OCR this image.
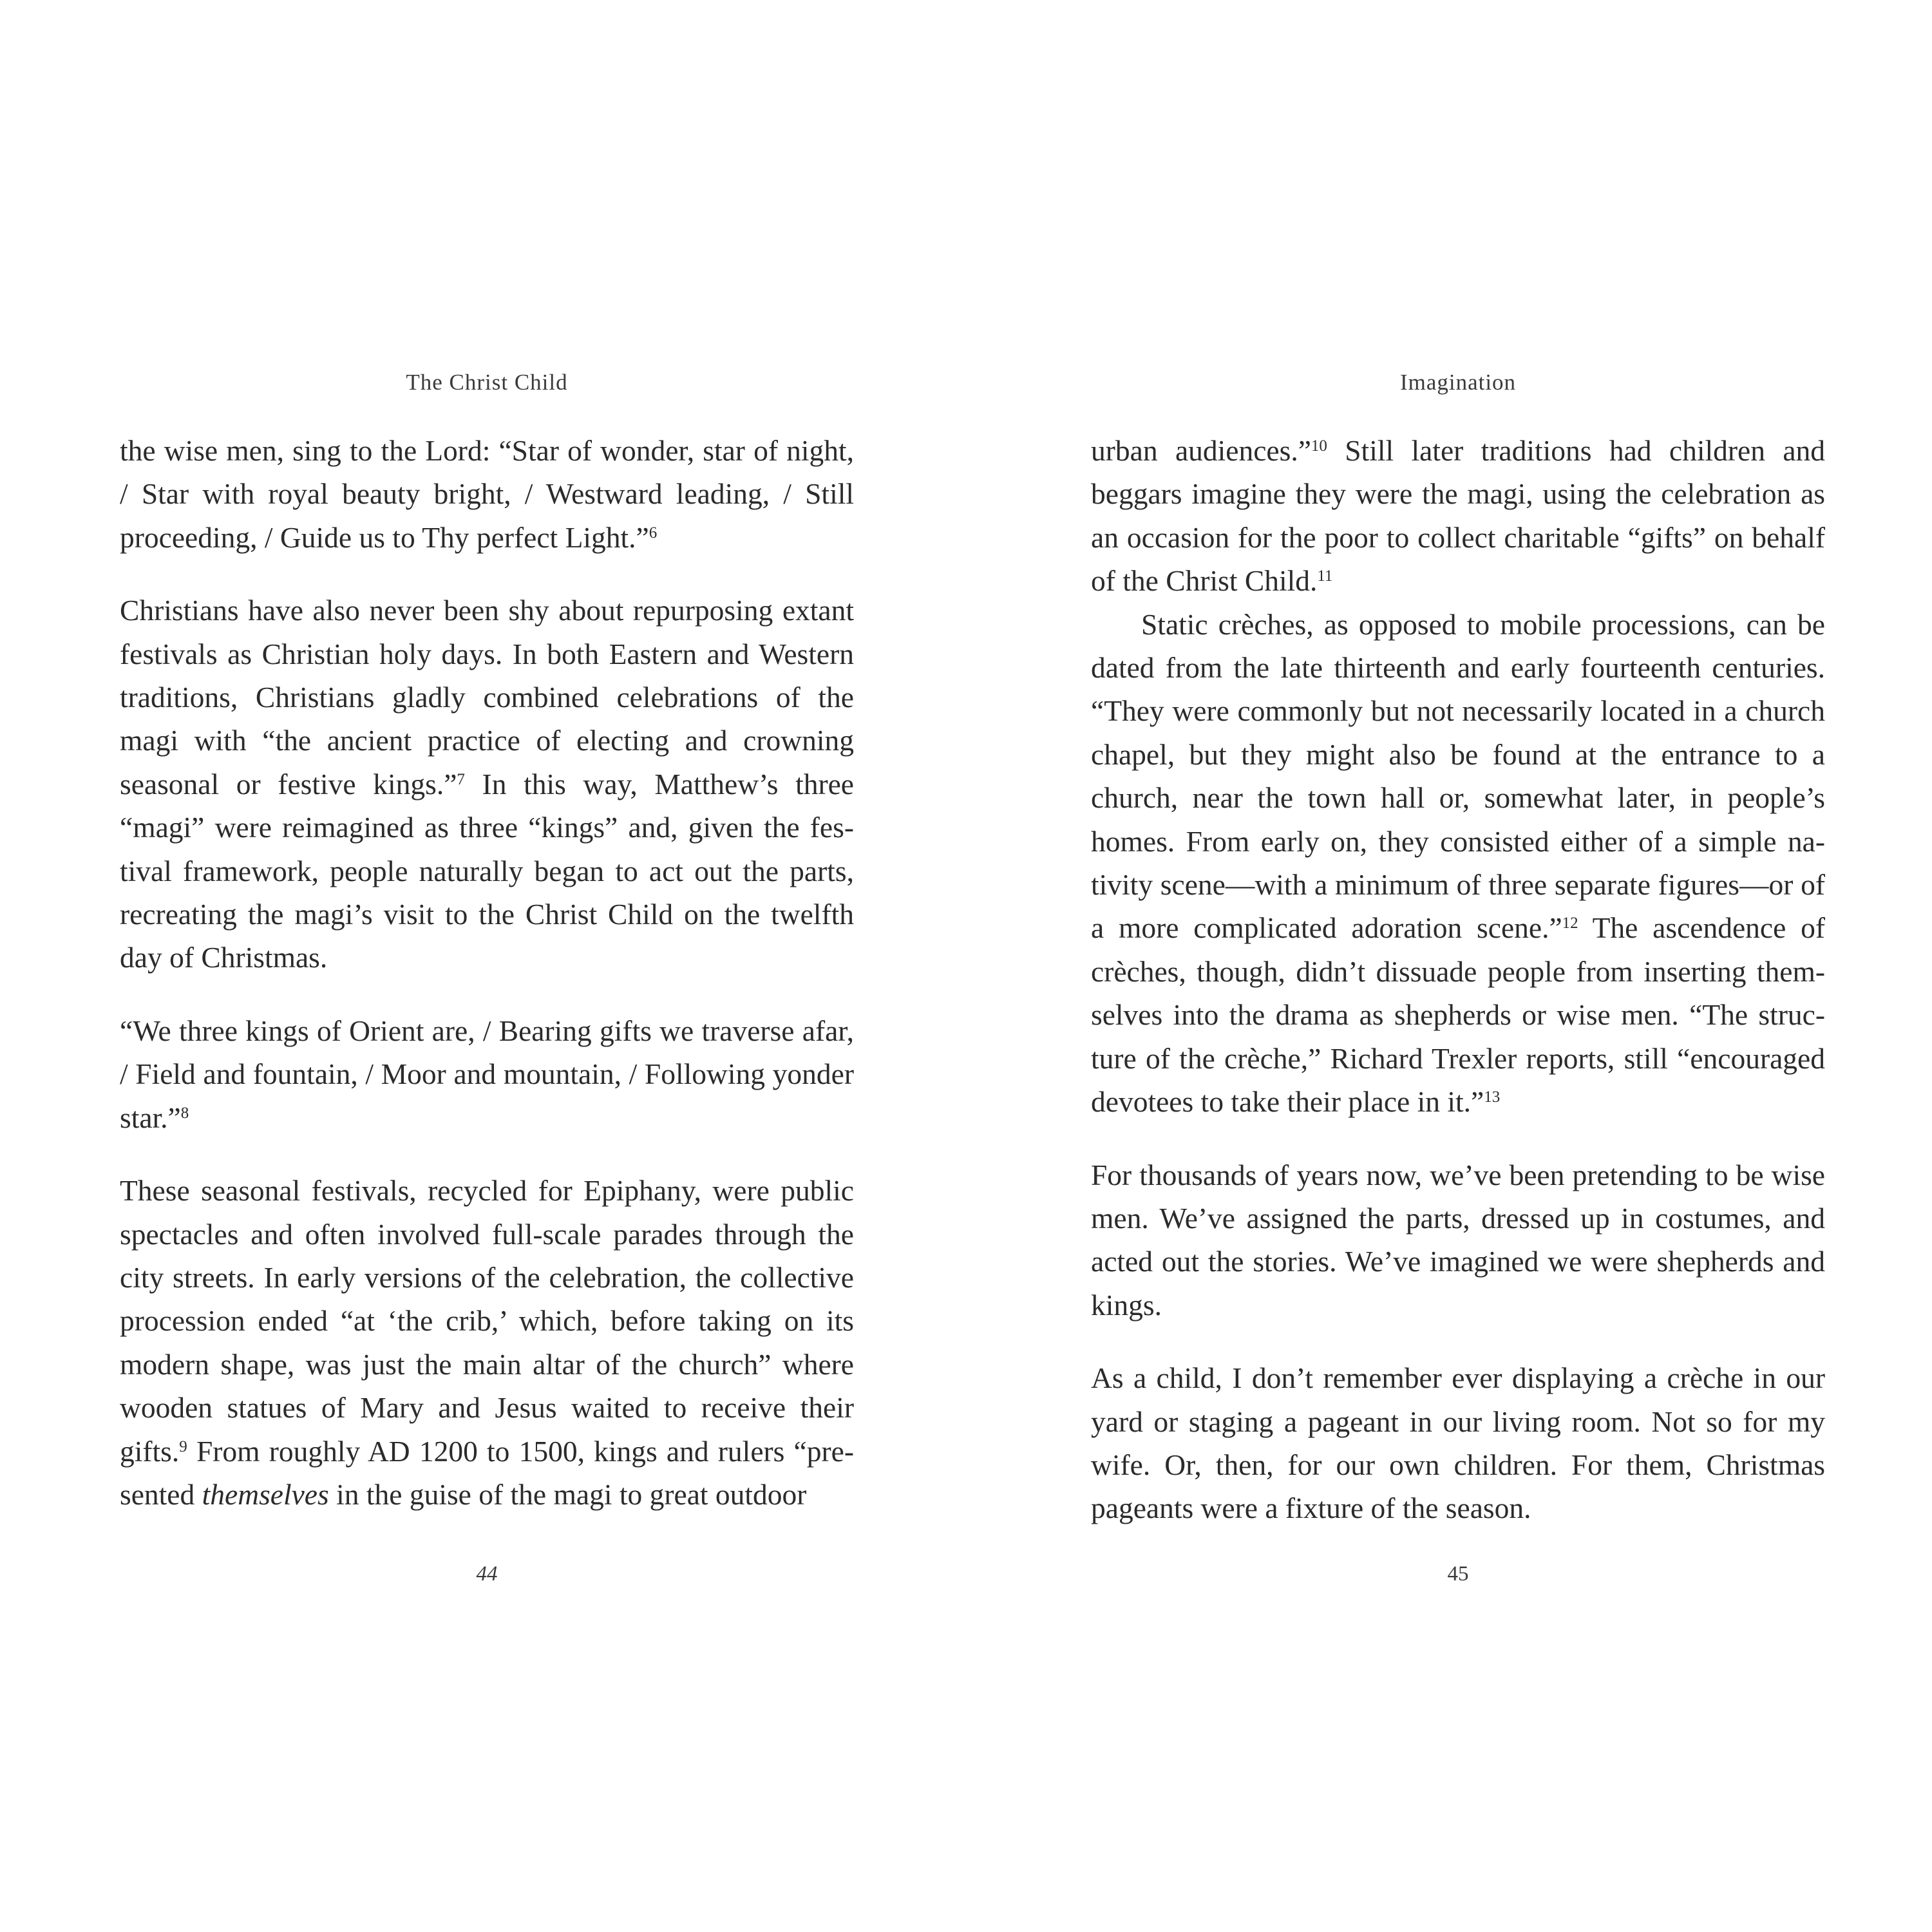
The Christ Child

the wise men, sing to the Lord: “Star of wonder, star of night, / Star with royal beauty bright, / Westward leading, / Still proceeding, / Guide us to Thy perfect Light.”$^6$

Christians have also never been shy about repurposing extant festivals as Christian holy days. In both Eastern and Western traditions, Christians gladly combined celebrations of the magi with “the ancient practice of electing and crowning seasonal or festive kings.”$^7$ In this way, Matthew’s three “magi” were reimagined as three “kings” and, given the festival framework, people naturally began to act out the parts, recreating the magi’s visit to the Christ Child on the twelfth day of Christmas.

“We three kings of Orient are, / Bearing gifts we traverse afar, / Field and fountain, / Moor and mountain, / Following yonder star.”$^8$

These seasonal festivals, recycled for Epiphany, were public spectacles and often involved full-scale parades through the city streets. In early versions of the celebration, the collective procession ended “at ‘the crib,’ which, before taking on its modern shape, was just the main altar of the church” where wooden statues of Mary and Jesus waited to receive their gifts.$^9$ From roughly AD 1200 to 1500, kings and rulers “presented themselves in the guise of the magi to great outdoor

44
Imagination

urban audiences.”$^{10}$ Still later traditions had children and beggars imagine they were the magi, using the celebration as an occasion for the poor to collect charitable “gifts” on behalf of the Christ Child.$^{11}$

Static crèches, as opposed to mobile processions, can be dated from the late thirteenth and early fourteenth centuries. “They were commonly but not necessarily located in a church chapel, but they might also be found at the entrance to a church, near the town hall or, somewhat later, in people’s homes. From early on, they consisted either of a simple nativity scene—with a minimum of three separate figures—or of a more complicated adoration scene.”$^{12}$ The ascendence of crèches, though, didn’t dissuade people from inserting themselves into the drama as shepherds or wise men. “The structure of the crèche,” Richard Trexler reports, still “encouraged devotees to take their place in it.”$^{13}$

For thousands of years now, we’ve been pretending to be wise men. We’ve assigned the parts, dressed up in costumes, and acted out the stories. We’ve imagined we were shepherds and kings.

As a child, I don’t remember ever displaying a crèche in our yard or staging a pageant in our living room. Not so for my wife. Or, then, for our own children. For them, Christmas pageants were a fixture of the season.

45
